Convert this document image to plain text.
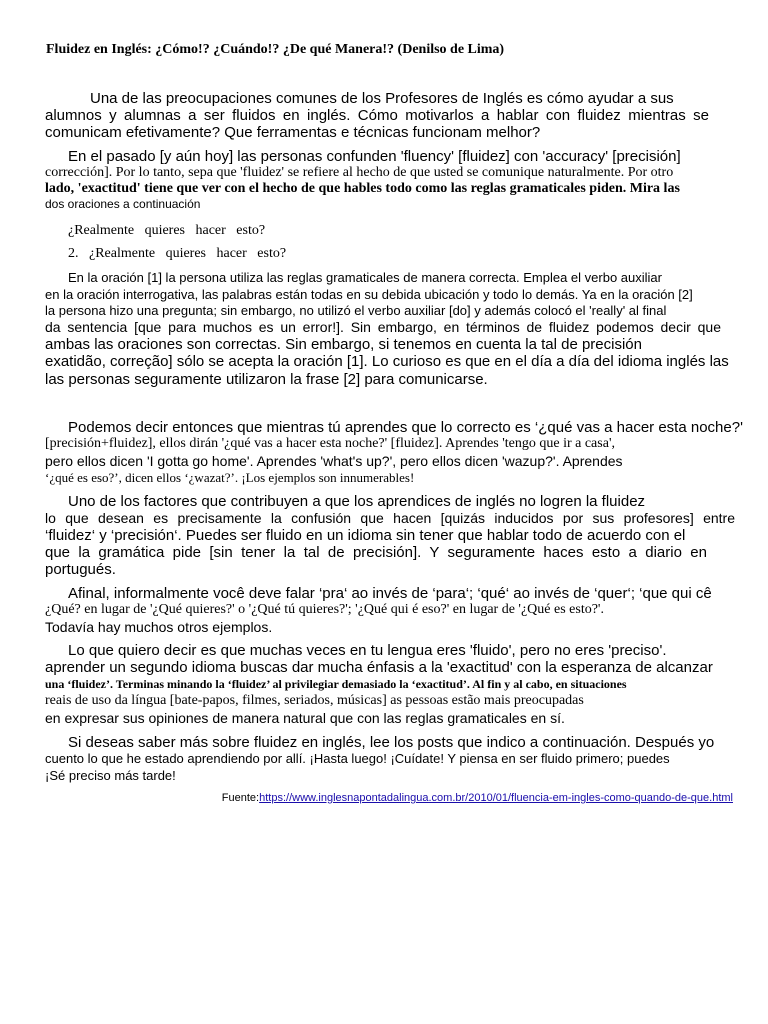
Fluidez en Inglés: ¿Cómo!? ¿Cuándo!? ¿De qué Manera!? (Denilso de Lima)
Una de las preocupaciones comunes de los Profesores de Inglés es cómo ayudar a sus
alumnos y alumnas a ser fluidos en inglés. Cómo motivarlos a hablar con fluidez mientras se
comunicam efetivamente? Que ferramentas e técnicas funcionam melhor?
En el pasado [y aún hoy] las personas confunden 'fluency' [fluidez] con 'accuracy' [precisión]
corrección]. Por lo tanto, sepa que 'fluidez' se refiere al hecho de que usted se comunique naturalmente. Por otro
lado, 'exactitud' tiene que ver con el hecho de que hables todo como las reglas gramaticales piden. Mira las
dos oraciones a continuación
¿Realmente quieres hacer esto?
2. ¿Realmente quieres hacer esto?
En la oración [1] la persona utiliza las reglas gramaticales de manera correcta. Emplea el verbo auxiliar
en la oración interrogativa, las palabras están todas en su debida ubicación y todo lo demás. Ya en la oración [2]
la persona hizo una pregunta; sin embargo, no utilizó el verbo auxiliar [do] y además colocó el 'really' al final
da sentencia [que para muchos es un error!]. Sin embargo, en términos de fluidez podemos decir que
ambas las oraciones son correctas. Sin embargo, si tenemos en cuenta la tal de precisión
exatidão, correção] sólo se acepta la oración [1]. Lo curioso es que en el día a día del idioma inglés las
las personas seguramente utilizaron la frase [2] para comunicarse.
Podemos decir entonces que mientras tú aprendes que lo correcto es ‘¿qué vas a hacer esta noche?'
[precisión+fluidez], ellos dirán '¿qué vas a hacer esta noche?' [fluidez]. Aprendes 'tengo que ir a casa',
pero ellos dicen 'I gotta go home'. Aprendes 'what's up?', pero ellos dicen 'wazup?'. Aprendes
‘¿qué es eso?’, dicen ellos ‘¿wazat?’. ¡Los ejemplos son innumerables!
Uno de los factores que contribuyen a que los aprendices de inglés no logren la fluidez
lo que desean es precisamente la confusión que hacen [quizás inducidos por sus profesores] entre
‘fluidez‘ y ‘precisión‘. Puedes ser fluido en un idioma sin tener que hablar todo de acuerdo con el
que la gramática pide [sin tener la tal de precisión]. Y seguramente haces esto a diario en
portugués.
Afinal, informalmente você deve falar ‘pra‘ ao invés de ‘para‘; ‘qué‘ ao invés de ‘quer‘; ‘que qui cê
¿Qué? en lugar de '¿Qué quieres?' o '¿Qué tú quieres?'; '¿Qué qui é eso?' en lugar de '¿Qué es esto?'.
Todavía hay muchos otros ejemplos.
Lo que quiero decir es que muchas veces en tu lengua eres 'fluido', pero no eres 'preciso'.
aprender un segundo idioma buscas dar mucha énfasis a la 'exactitud' con la esperanza de alcanzar
una ‘fluidez’. Terminas minando la ‘fluidez’ al privilegiar demasiado la ‘exactitud’. Al fin y al cabo, en situaciones
reais de uso da língua [bate-papos, filmes, seriados, músicas] as pessoas estão mais preocupadas
en expresar sus opiniones de manera natural que con las reglas gramaticales en sí.
Si deseas saber más sobre fluidez en inglés, lee los posts que indico a continuación. Después yo
cuento lo que he estado aprendiendo por allí. ¡Hasta luego! ¡Cuídate! Y piensa en ser fluido primero; puedes
¡Sé preciso más tarde!
Fuente:https://www.inglesnapontadalingua.com.br/2010/01/fluencia-em-ingles-como-quando-de-que.html
